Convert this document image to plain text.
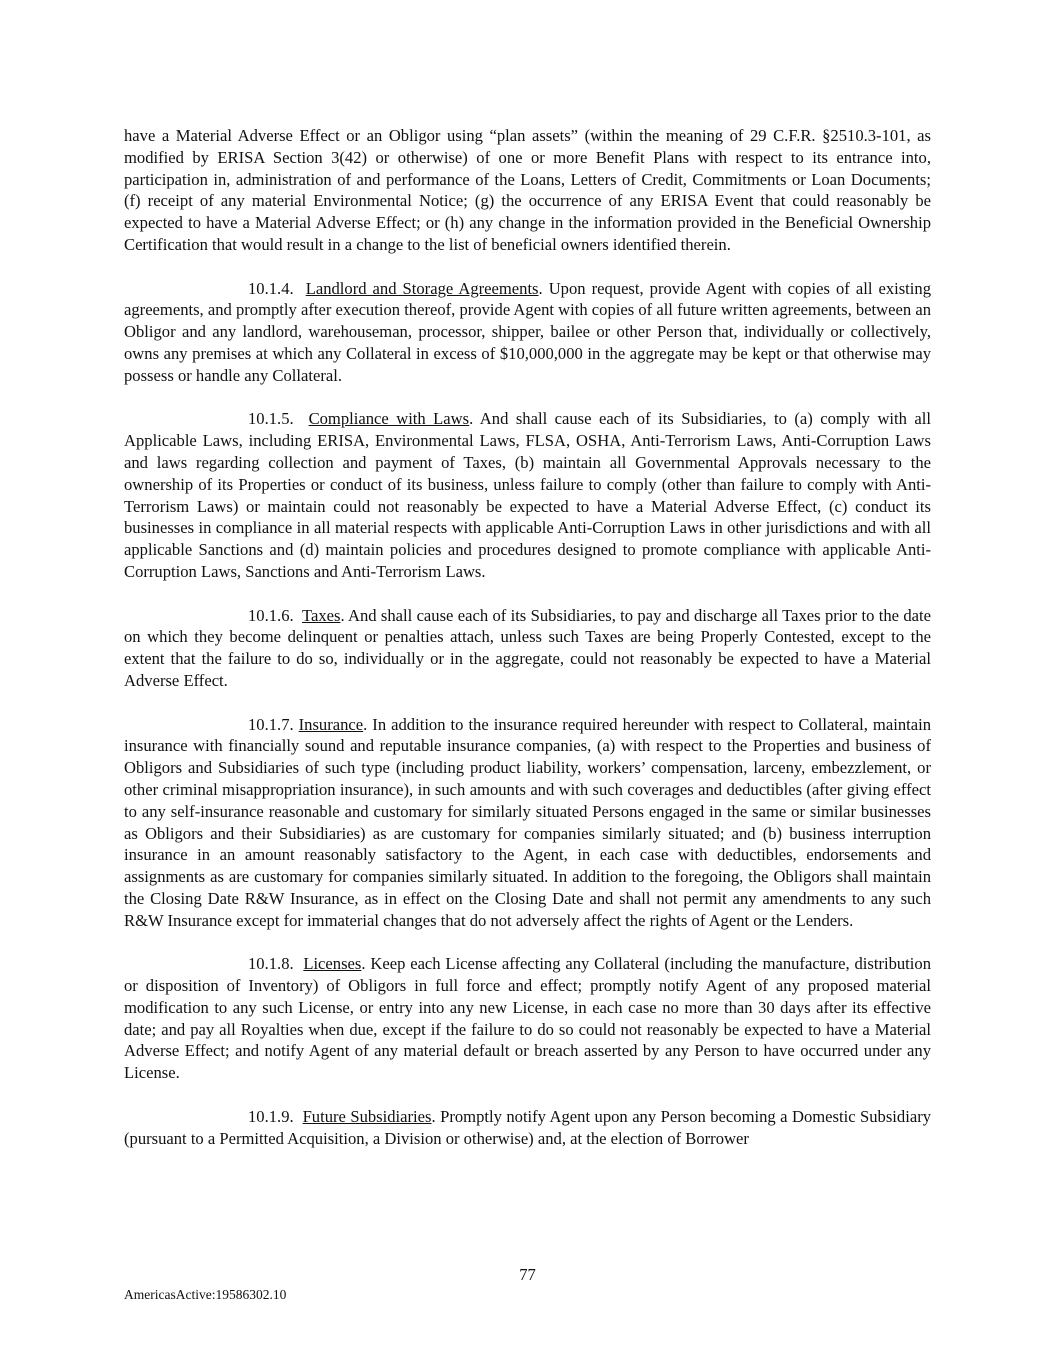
have a Material Adverse Effect or an Obligor using “plan assets” (within the meaning of 29 C.F.R. §2510.3-101, as modified by ERISA Section 3(42) or otherwise) of one or more Benefit Plans with respect to its entrance into, participation in, administration of and performance of the Loans, Letters of Credit, Commitments or Loan Documents; (f) receipt of any material Environmental Notice; (g) the occurrence of any ERISA Event that could reasonably be expected to have a Material Adverse Effect; or (h) any change in the information provided in the Beneficial Ownership Certification that would result in a change to the list of beneficial owners identified therein.

10.1.4. Landlord and Storage Agreements. Upon request, provide Agent with copies of all existing agreements, and promptly after execution thereof, provide Agent with copies of all future written agreements, between an Obligor and any landlord, warehouseman, processor, shipper, bailee or other Person that, individually or collectively, owns any premises at which any Collateral in excess of $10,000,000 in the aggregate may be kept or that otherwise may possess or handle any Collateral.

10.1.5. Compliance with Laws. And shall cause each of its Subsidiaries, to (a) comply with all Applicable Laws, including ERISA, Environmental Laws, FLSA, OSHA, Anti-Terrorism Laws, Anti-Corruption Laws and laws regarding collection and payment of Taxes, (b) maintain all Governmental Approvals necessary to the ownership of its Properties or conduct of its business, unless failure to comply (other than failure to comply with Anti-Terrorism Laws) or maintain could not reasonably be expected to have a Material Adverse Effect, (c) conduct its businesses in compliance in all material respects with applicable Anti-Corruption Laws in other jurisdictions and with all applicable Sanctions and (d) maintain policies and procedures designed to promote compliance with applicable Anti-Corruption Laws, Sanctions and Anti-Terrorism Laws.

10.1.6. Taxes. And shall cause each of its Subsidiaries, to pay and discharge all Taxes prior to the date on which they become delinquent or penalties attach, unless such Taxes are being Properly Contested, except to the extent that the failure to do so, individually or in the aggregate, could not reasonably be expected to have a Material Adverse Effect.

10.1.7. Insurance. In addition to the insurance required hereunder with respect to Collateral, maintain insurance with financially sound and reputable insurance companies, (a) with respect to the Properties and business of Obligors and Subsidiaries of such type (including product liability, workers’ compensation, larceny, embezzlement, or other criminal misappropriation insurance), in such amounts and with such coverages and deductibles (after giving effect to any self-insurance reasonable and customary for similarly situated Persons engaged in the same or similar businesses as Obligors and their Subsidiaries) as are customary for companies similarly situated; and (b) business interruption insurance in an amount reasonably satisfactory to the Agent, in each case with deductibles, endorsements and assignments as are customary for companies similarly situated. In addition to the foregoing, the Obligors shall maintain the Closing Date R&W Insurance, as in effect on the Closing Date and shall not permit any amendments to any such R&W Insurance except for immaterial changes that do not adversely affect the rights of Agent or the Lenders.

10.1.8. Licenses. Keep each License affecting any Collateral (including the manufacture, distribution or disposition of Inventory) of Obligors in full force and effect; promptly notify Agent of any proposed material modification to any such License, or entry into any new License, in each case no more than 30 days after its effective date; and pay all Royalties when due, except if the failure to do so could not reasonably be expected to have a Material Adverse Effect; and notify Agent of any material default or breach asserted by any Person to have occurred under any License.

10.1.9. Future Subsidiaries. Promptly notify Agent upon any Person becoming a Domestic Subsidiary (pursuant to a Permitted Acquisition, a Division or otherwise) and, at the election of Borrower

77
AmericasActive:19586302.10
